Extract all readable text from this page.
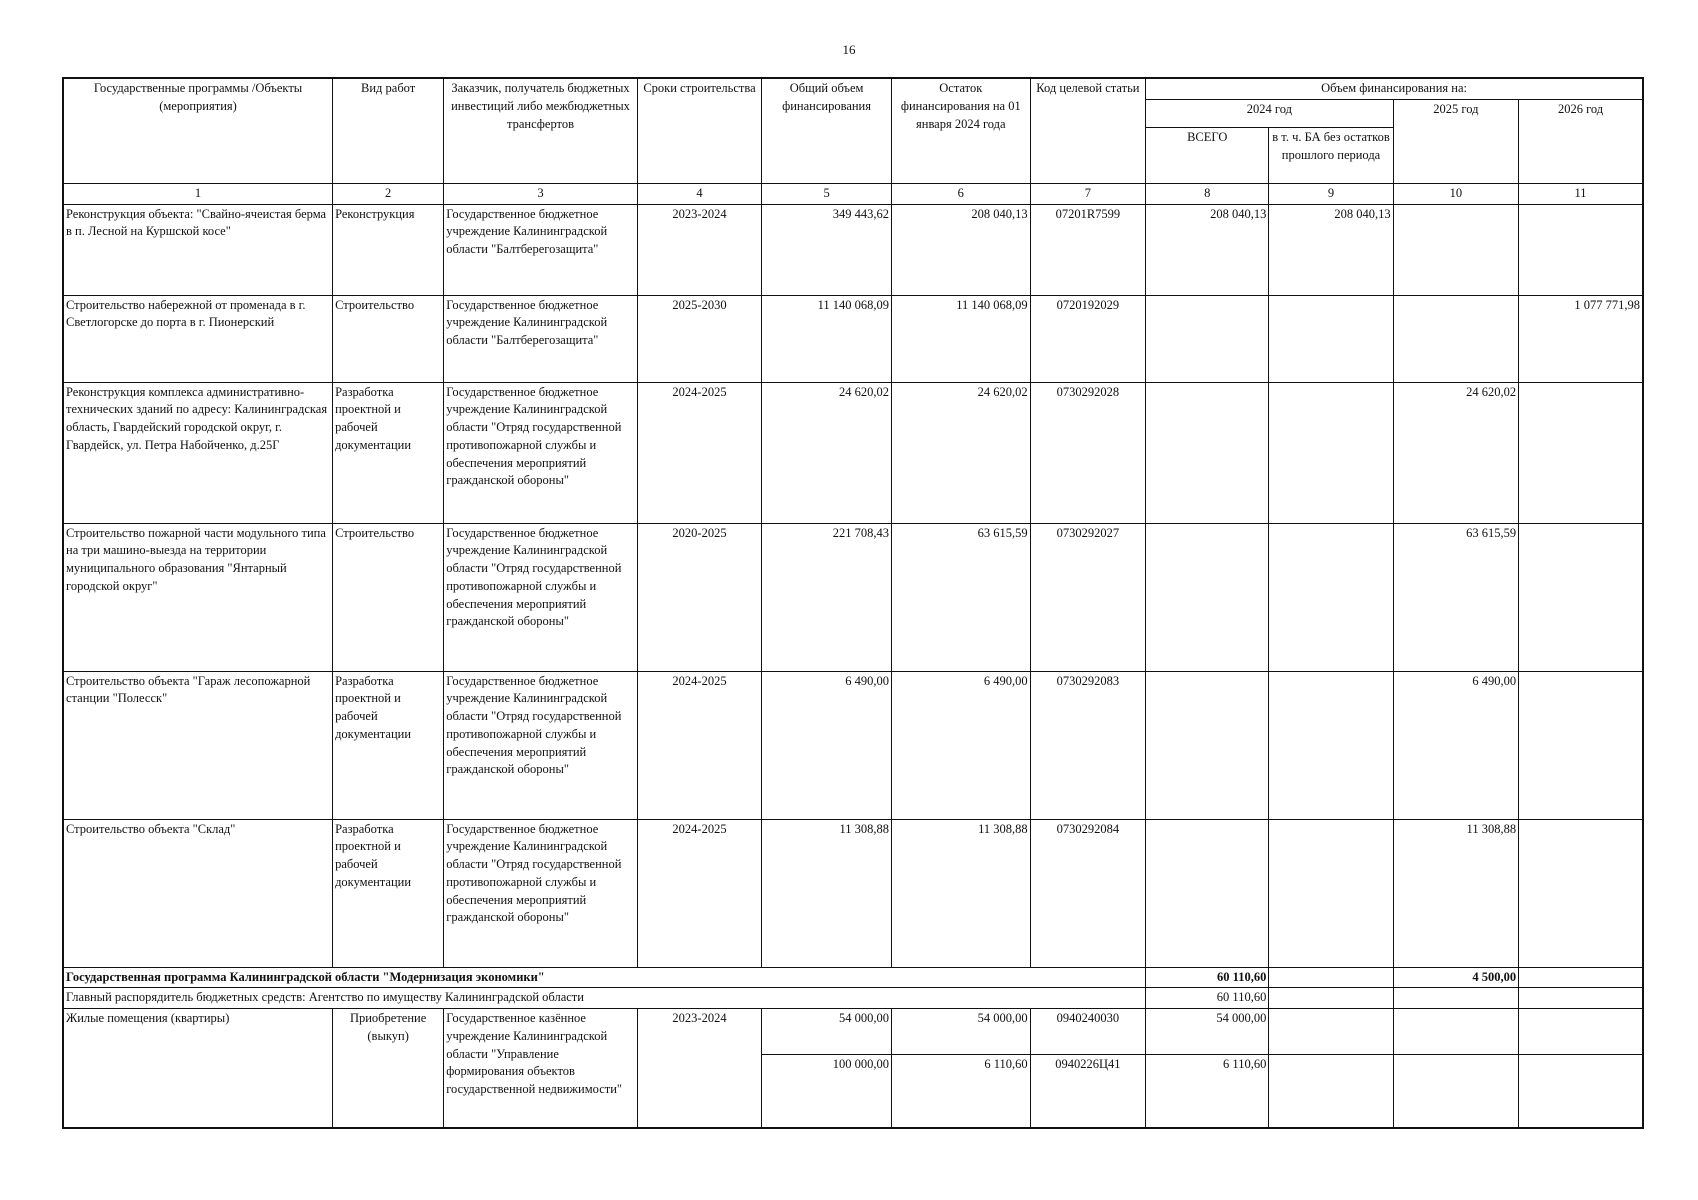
16
Государственные программы /Объекты (мероприятия)	Вид работ	Заказчик, получатель бюджетных инвестиций либо межбюджетных трансфертов	Сроки строительства	Общий объем финансирования	Остаток финансирования на 01 января 2024 года	Код целевой статьи	Объем финансирования на:			
							2024 год		2025 год	2026 год
							ВСЕГО	в т. ч. БА без остатков прошлого периода		
1	2	3	4	5	6	7	8	9	10	11
Реконструкция объекта: "Свайно-ячеистая берма в п. Лесной на Куршской косе"	Реконструкция	Государственное бюджетное учреждение Калининградской области "Балтберегозащита"	2023-2024	349 443,62	208 040,13	07201R7599	208 040,13	208 040,13		
Строительство набережной от променада в г. Светлогорске до порта в г. Пионерский	Строительство	Государственное бюджетное учреждение Калининградской области "Балтберегозащита"	2025-2030	11 140 068,09	11 140 068,09	0720192029				1 077 771,98
Реконструкция комплекса административно-технических зданий по адресу: Калининградская область, Гвардейский городской округ, г. Гвардейск, ул. Петра Набойченко, д.25Г	Разработка проектной и рабочей документации	Государственное бюджетное учреждение Калининградской области "Отряд государственной противопожарной службы и обеспечения мероприятий гражданской обороны"	2024-2025	24 620,02	24 620,02	0730292028			24 620,02	
Строительство пожарной части модульного типа на три машино-выезда на территории муниципального образования "Янтарный городской округ"	Строительство	Государственное бюджетное учреждение Калининградской области "Отряд государственной противопожарной службы и обеспечения мероприятий гражданской обороны"	2020-2025	221 708,43	63 615,59	0730292027			63 615,59	
Строительство объекта "Гараж лесопожарной станции "Полесск"	Разработка проектной и рабочей документации	Государственное бюджетное учреждение Калининградской области "Отряд государственной противопожарной службы и обеспечения мероприятий гражданской обороны"	2024-2025	6 490,00	6 490,00	0730292083			6 490,00	
Строительство объекта "Склад"	Разработка проектной и рабочей документации	Государственное бюджетное учреждение Калининградской области "Отряд государственной противопожарной службы и обеспечения мероприятий гражданской обороны"	2024-2025	11 308,88	11 308,88	0730292084			11 308,88	
Государственная программа Калининградской области "Модернизация экономики"							60 110,60		4 500,00	
Главный распорядитель бюджетных средств: Агентство по имуществу Калининградской области							60 110,60			
Жилые помещения (квартиры)	Приобретение (выкуп)	Государственное казённое учреждение Калининградской области "Управление формирования объектов государственной недвижимости"	2023-2024	54 000,00	54 000,00	0940240030	54 000,00			
				100 000,00	6 110,60	0940226Ц41	6 110,60			
